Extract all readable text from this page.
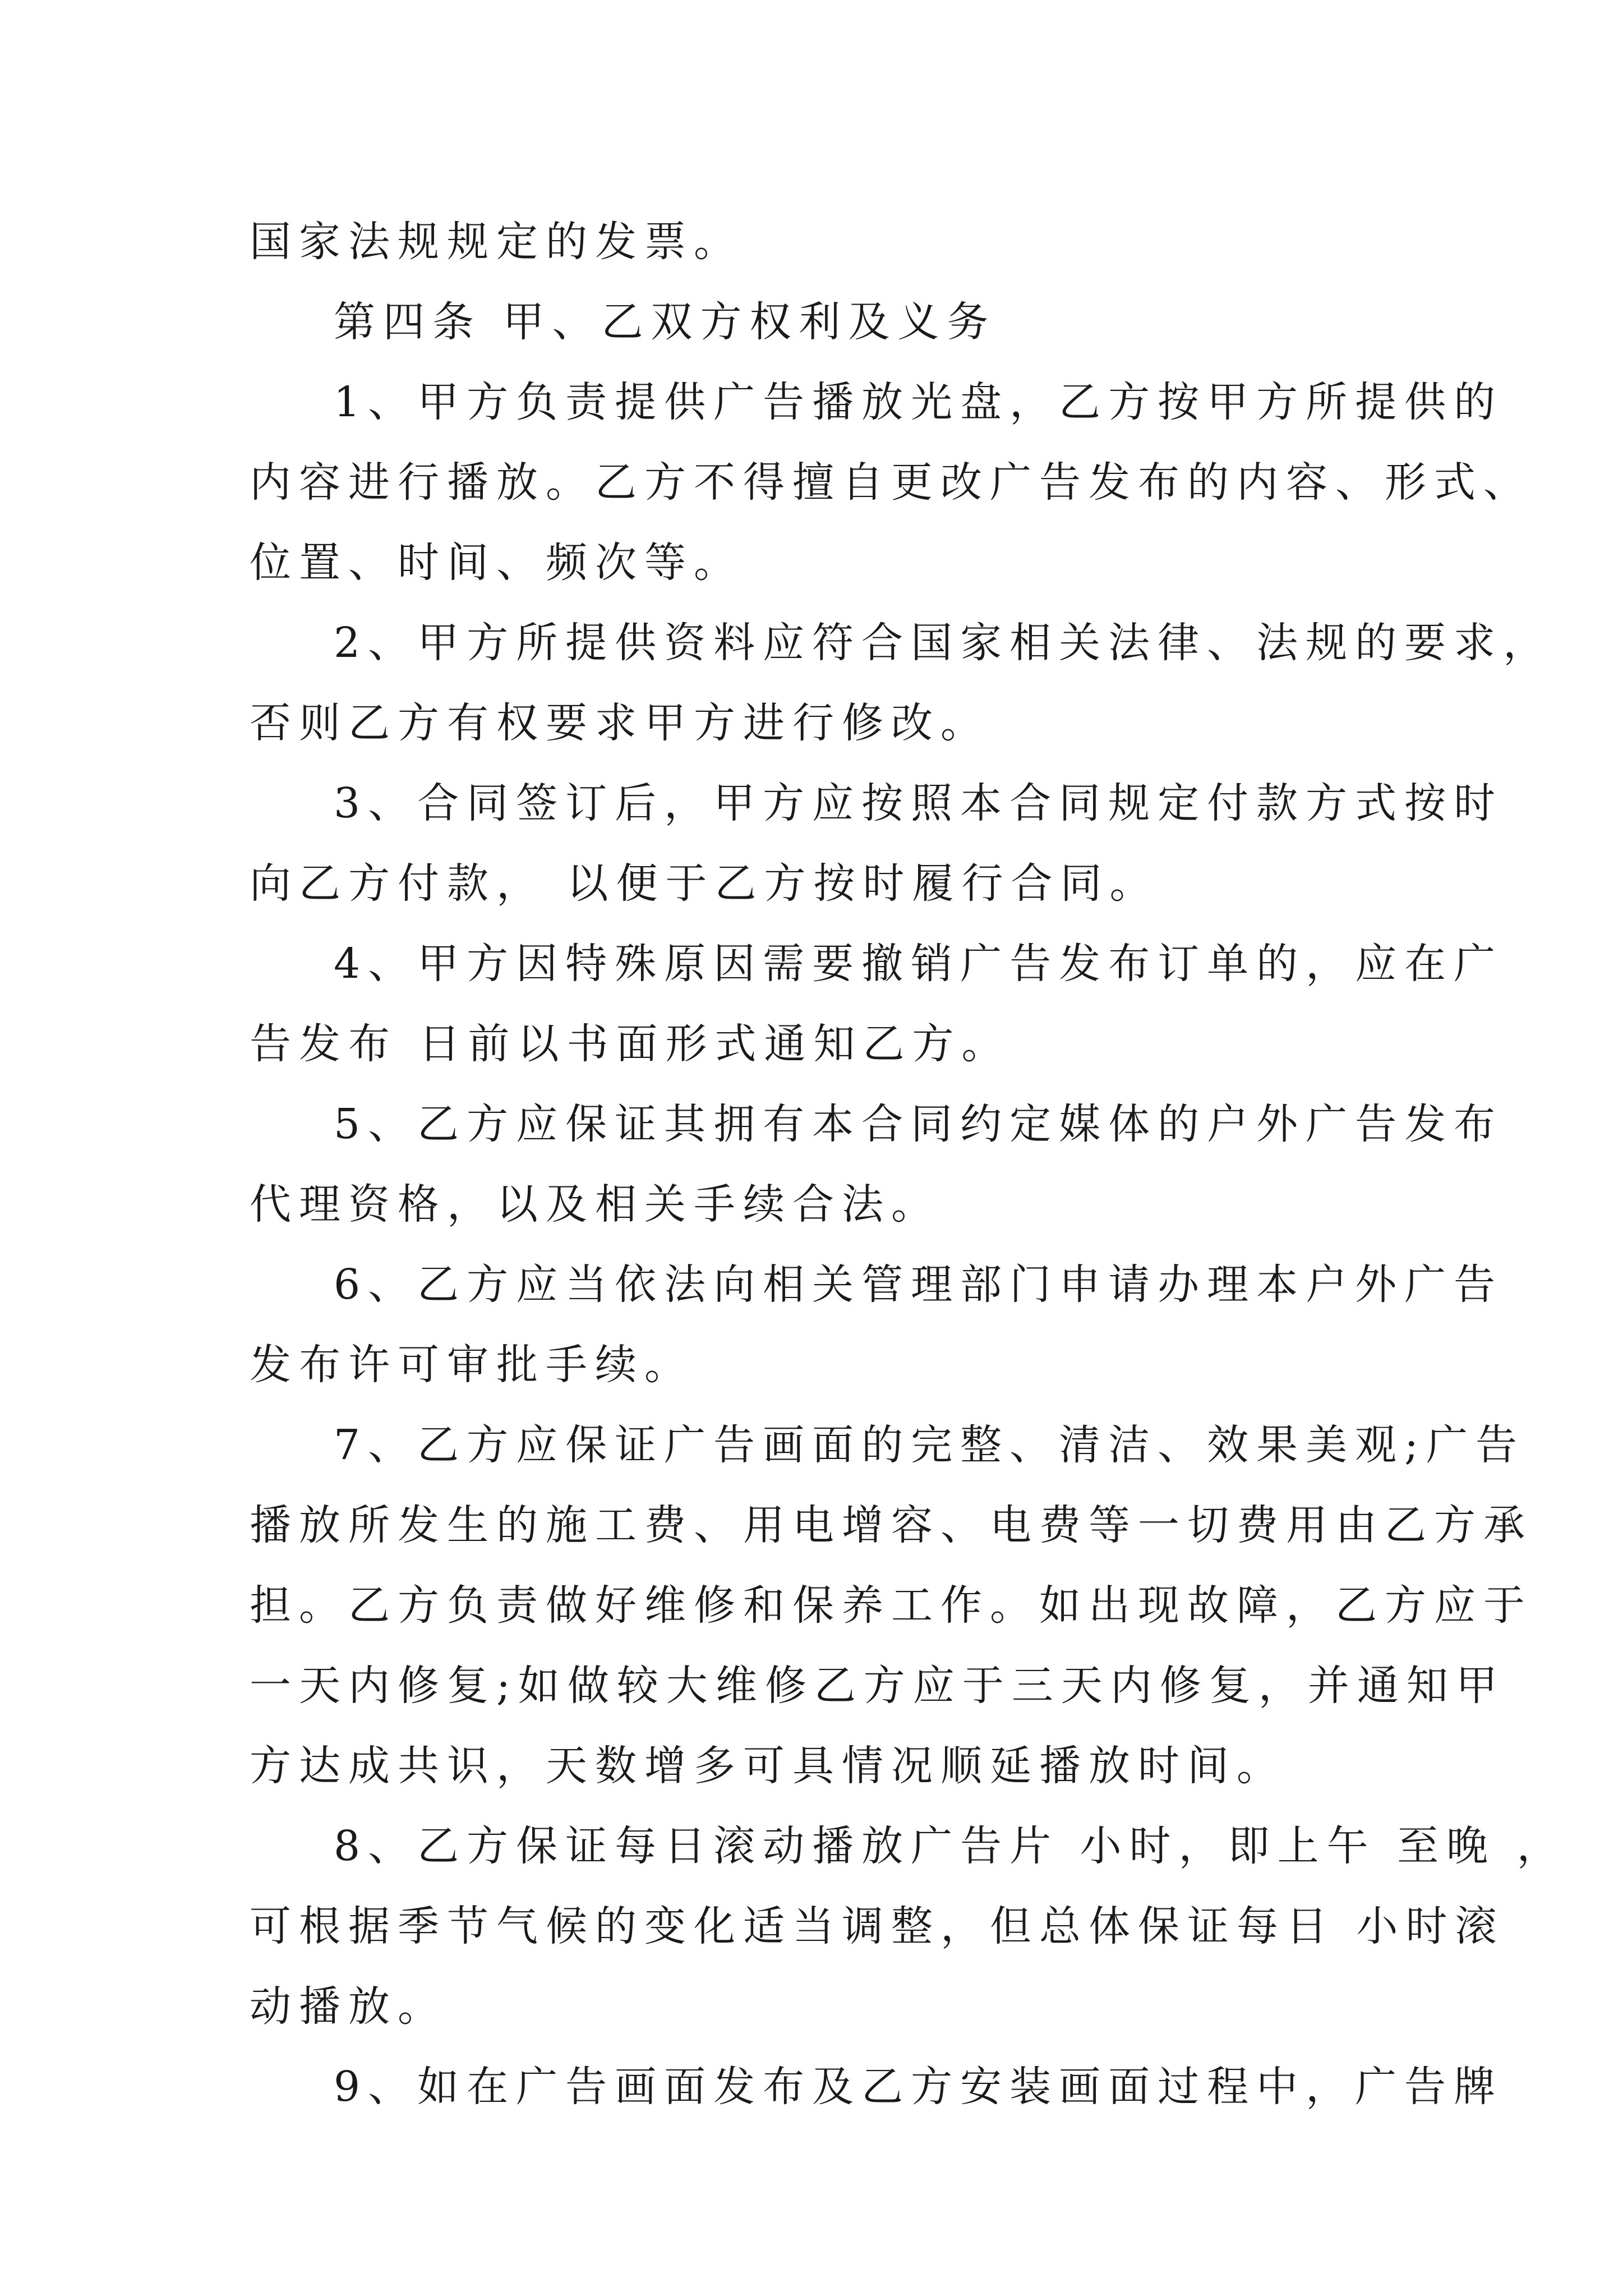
国家法规规定的发票。
第四条 甲、乙双方权利及义务
1、甲方负责提供广告播放光盘，乙方按甲方所提供的
内容进行播放。乙方不得擅自更改广告发布的内容、形式、
位置、时间、频次等。
2、甲方所提供资料应符合国家相关法律、法规的要求，
否则乙方有权要求甲方进行修改。
3、合同签订后，甲方应按照本合同规定付款方式按时
向乙方付款， 以便于乙方按时履行合同。
4、甲方因特殊原因需要撤销广告发布订单的，应在广
告发布 日前以书面形式通知乙方。
5、乙方应保证其拥有本合同约定媒体的户外广告发布
代理资格，以及相关手续合法。
6、乙方应当依法向相关管理部门申请办理本户外广告
发布许可审批手续。
7、乙方应保证广告画面的完整、清洁、效果美观;广告
播放所发生的施工费、用电增容、电费等一切费用由乙方承
担。乙方负责做好维修和保养工作。如出现故障，乙方应于
一天内修复;如做较大维修乙方应于三天内修复，并通知甲
方达成共识，天数增多可具情况顺延播放时间。
8、乙方保证每日滚动播放广告片 小时，即上午 至晚 ，
可根据季节气候的变化适当调整，但总体保证每日 小时滚
动播放。
9、如在广告画面发布及乙方安装画面过程中，广告牌
